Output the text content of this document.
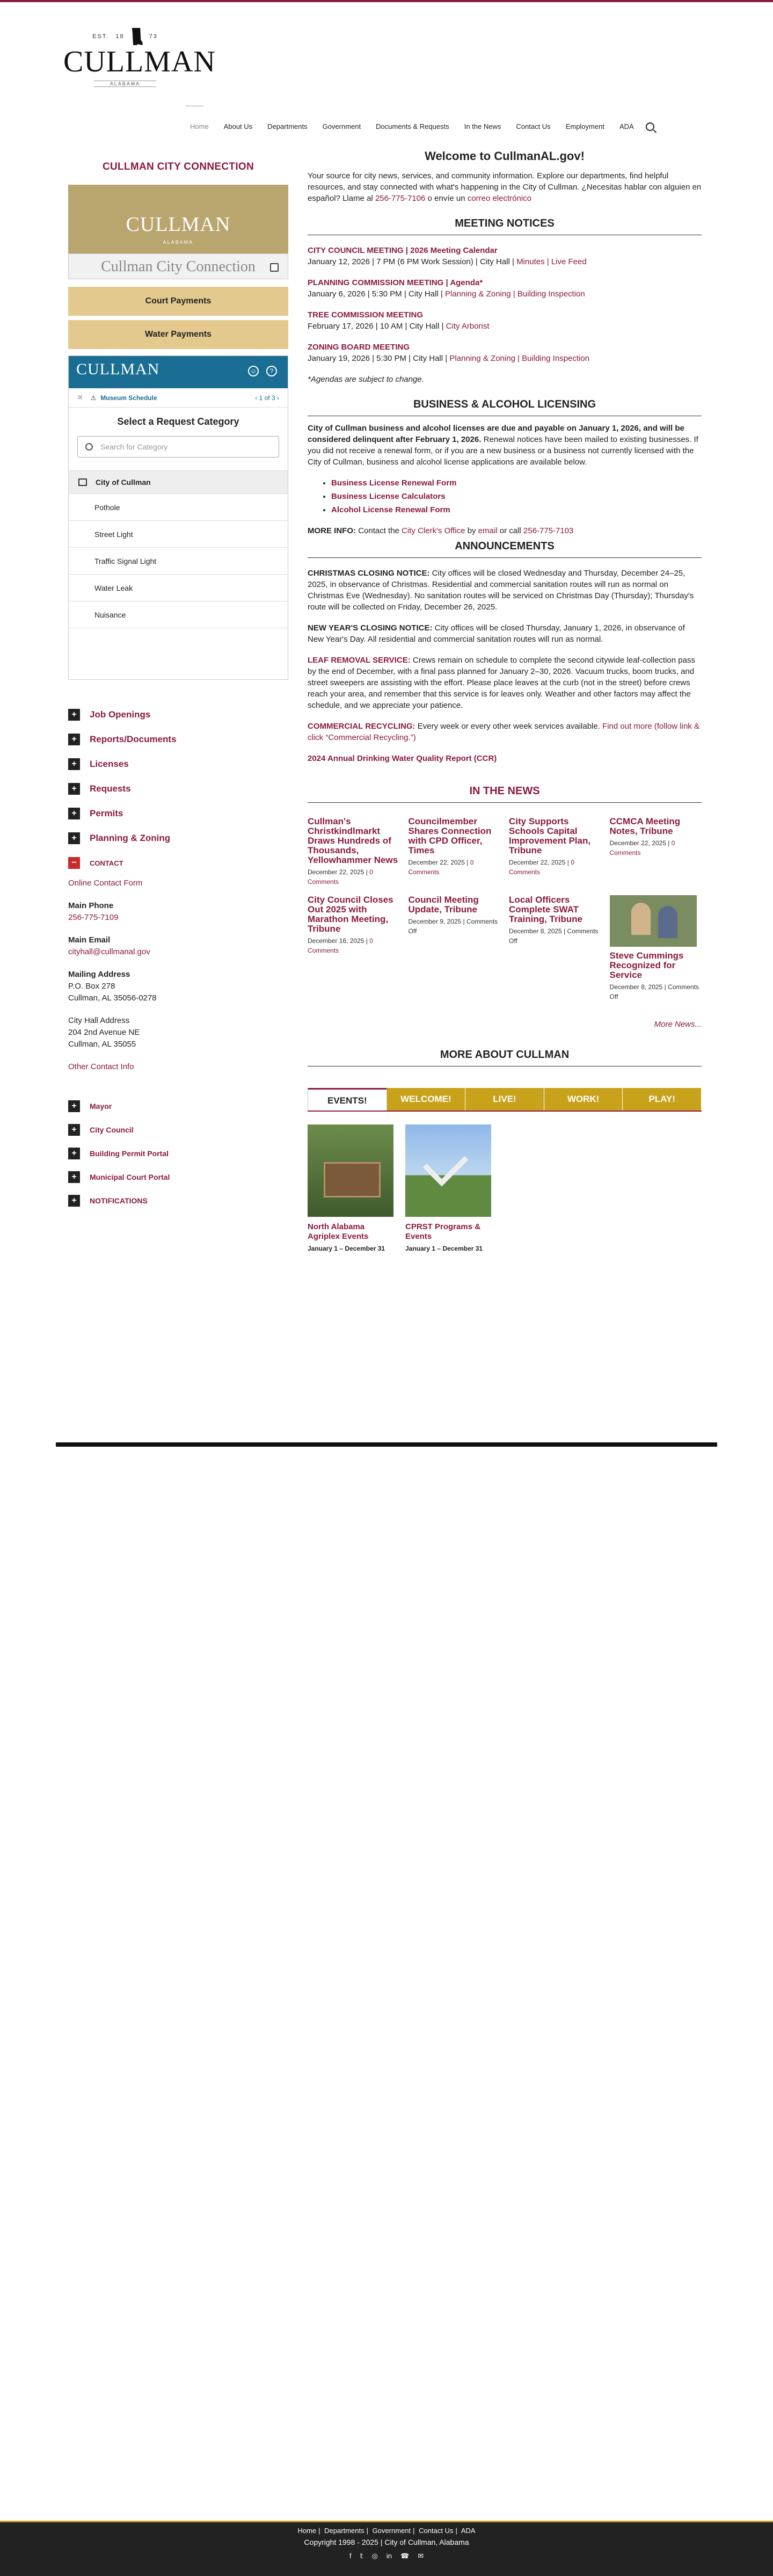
EST. 18	73
CULLMAN
ALABAMA
Home	About Us	Departments	Government	Documents & Requests	In the News	Contact Us	Employment	ADA
CULLMAN CITY CONNECTION
CULLMAN
ALABAMA
Cullman City Connection
Court Payments
Water Payments
CULLMAN	☺	?
× ⚠ Museum Schedule	‹ 1 of 3 ›
Select a Request Category
Search for Category
City of Cullman
Pothole
Street Light
Traffic Signal Light
Water Leak
Nuisance
+	Job Openings
+	Reports/Documents
+	Licenses
+	Requests
+	Permits
+	Planning & Zoning
−	CONTACT
Online Contact Form
Main Phone
256-775-7109
Main Email
cityhall@cullmanal.gov
Mailing Address
P.O. Box 278
Cullman, AL 35056-0278
City Hall Address
204 2nd Avenue NE
Cullman, AL 35055
Other Contact Info
+	Mayor
+	City Council
+	Building Permit Portal
+	Municipal Court Portal
+	NOTIFICATIONS
Welcome to CullmanAL.gov!

Your source for city news, services, and community information. Explore our departments, find helpful resources, and stay connected with what's happening in the City of Cullman. ¿Necesitas hablar con alguien en español? Llame al 256-775-7106 o envíe un correo electrónico

MEETING NOTICES
CITY COUNCIL MEETING | 2026 Meeting Calendar
January 12, 2026 | 7 PM (6 PM Work Session) | City Hall | Minutes | Live Feed
PLANNING COMMISSION MEETING | Agenda*
January 6, 2026 | 5:30 PM | City Hall | Planning & Zoning | Building Inspection
TREE COMMISSION MEETING
February 17, 2026 | 10 AM | City Hall | City Arborist
ZONING BOARD MEETING
January 19, 2026 | 5:30 PM | City Hall | Planning & Zoning | Building Inspection

*Agendas are subject to change.

BUSINESS & ALCOHOL LICENSING

City of Cullman business and alcohol licenses are due and payable on January 1, 2026, and will be considered delinquent after February 1, 2026. Renewal notices have been mailed to existing businesses. If you did not receive a renewal form, or if you are a new business or a business not currently licensed with the City of Cullman, business and alcohol license applications are available below.

• Business License Renewal Form
• Business License Calculators
• Alcohol License Renewal Form

MORE INFO: Contact the City Clerk's Office by email or call 256-775-7103

ANNOUNCEMENTS

CHRISTMAS CLOSING NOTICE: City offices will be closed Wednesday and Thursday, December 24–25, 2025, in observance of Christmas. Residential and commercial sanitation routes will run as normal on Christmas Eve (Wednesday). No sanitation routes will be serviced on Christmas Day (Thursday); Thursday's route will be collected on Friday, December 26, 2025.

NEW YEAR'S CLOSING NOTICE: City offices will be closed Thursday, January 1, 2026, in observance of New Year's Day. All residential and commercial sanitation routes will run as normal.

LEAF REMOVAL SERVICE: Crews remain on schedule to complete the second citywide leaf-collection pass by the end of December, with a final pass planned for January 2–30, 2026. Vacuum trucks, boom trucks, and street sweepers are assisting with the effort. Please place leaves at the curb (not in the street) before crews reach your area, and remember that this service is for leaves only. Weather and other factors may affect the schedule, and we appreciate your patience.

COMMERCIAL RECYCLING: Every week or every other week services available. Find out more (follow link & click “Commercial Recycling.”)

2024 Annual Drinking Water Quality Report (CCR)

IN THE NEWS
Cullman's Christkindlmarkt Draws Hundreds of Thousands, Yellowhammer News
December 22, 2025 | 0 Comments
Councilmember Shares Connection with CPD Officer, Times
December 22, 2025 | 0 Comments
City Supports Schools Capital Improvement Plan, Tribune
December 22, 2025 | 0 Comments
CCMCA Meeting Notes, Tribune
December 22, 2025 | 0 Comments
City Council Closes Out 2025 with Marathon Meeting, Tribune
December 16, 2025 | 0 Comments
Council Meeting Update, Tribune
December 9, 2025 | Comments Off
Local Officers Complete SWAT Training, Tribune
December 8, 2025 | Comments Off
Steve Cummings Recognized for Service
December 8, 2025 | Comments Off
More News...
MORE ABOUT CULLMAN
EVENTS!	WELCOME!	LIVE!	WORK!	PLAY!
North Alabama Agriplex Events
January 1 – December 31
CPRST Programs & Events
January 1 – December 31
Home | Departments | Government | Contact Us | ADA
Copyright 1998 - 2025 | City of Cullman, Alabama
f 𝕥 ◎ in ☎ ✉
